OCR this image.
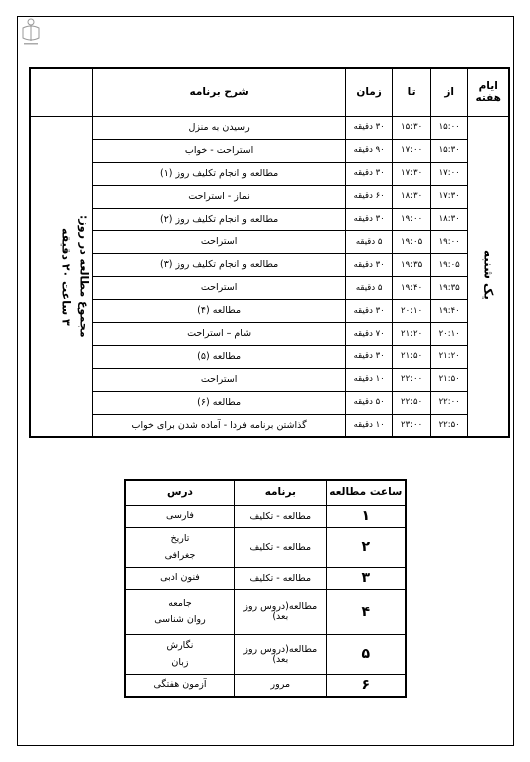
ایام هفته	از	تا	زمان	شرح برنامه	
یک شنبه	۱۵:۰۰	۱۵:۳۰	۳۰ دقیقه	رسیدن به منزل	مجموع مطالعه در روز:
۳ ساعت ۲۰ دقیقه

	۱۵:۳۰	۱۷:۰۰	۹۰ دقیقه	استراحت - خواب	
	۱۷:۰۰	۱۷:۳۰	۳۰ دقیقه	مطالعه و انجام تکلیف روز (۱)	
	۱۷:۳۰	۱۸:۳۰	۶۰ دقیقه	نماز - استراحت	
	۱۸:۳۰	۱۹:۰۰	۳۰ دقیقه	مطالعه و انجام تکلیف روز (۲)	
	۱۹:۰۰	۱۹:۰۵	۵ دقیقه	استراحت	
	۱۹:۰۵	۱۹:۳۵	۳۰ دقیقه	مطالعه و انجام تکلیف روز (۳)	
	۱۹:۳۵	۱۹:۴۰	۵ دقیقه	استراحت	
	۱۹:۴۰	۲۰:۱۰	۳۰ دقیقه	مطالعه (۴)	
	۲۰:۱۰	۲۱:۲۰	۷۰ دقیقه	شام – استراحت	
	۲۱:۲۰	۲۱:۵۰	۳۰ دقیقه	مطالعه (۵)	
	۲۱:۵۰	۲۲:۰۰	۱۰ دقیقه	استراحت	
	۲۲:۰۰	۲۲:۵۰	۵۰ دقیقه	مطالعه (۶)	
	۲۲:۵۰	۲۳:۰۰	۱۰ دقیقه	گذاشتن برنامه فردا - آماده شدن برای خواب	
ساعت مطالعه	برنامه	درس
۱	مطالعه - تکلیف	فارسی
۲	مطالعه - تکلیف	تاریخ
جغرافی
۳	مطالعه - تکلیف	فنون ادبی
۴	مطالعه(دروس روز بعد)	جامعه
روان شناسی
۵	مطالعه(دروس روز بعد)	نگارش
زبان
۶	مرور	آزمون هفتگی
